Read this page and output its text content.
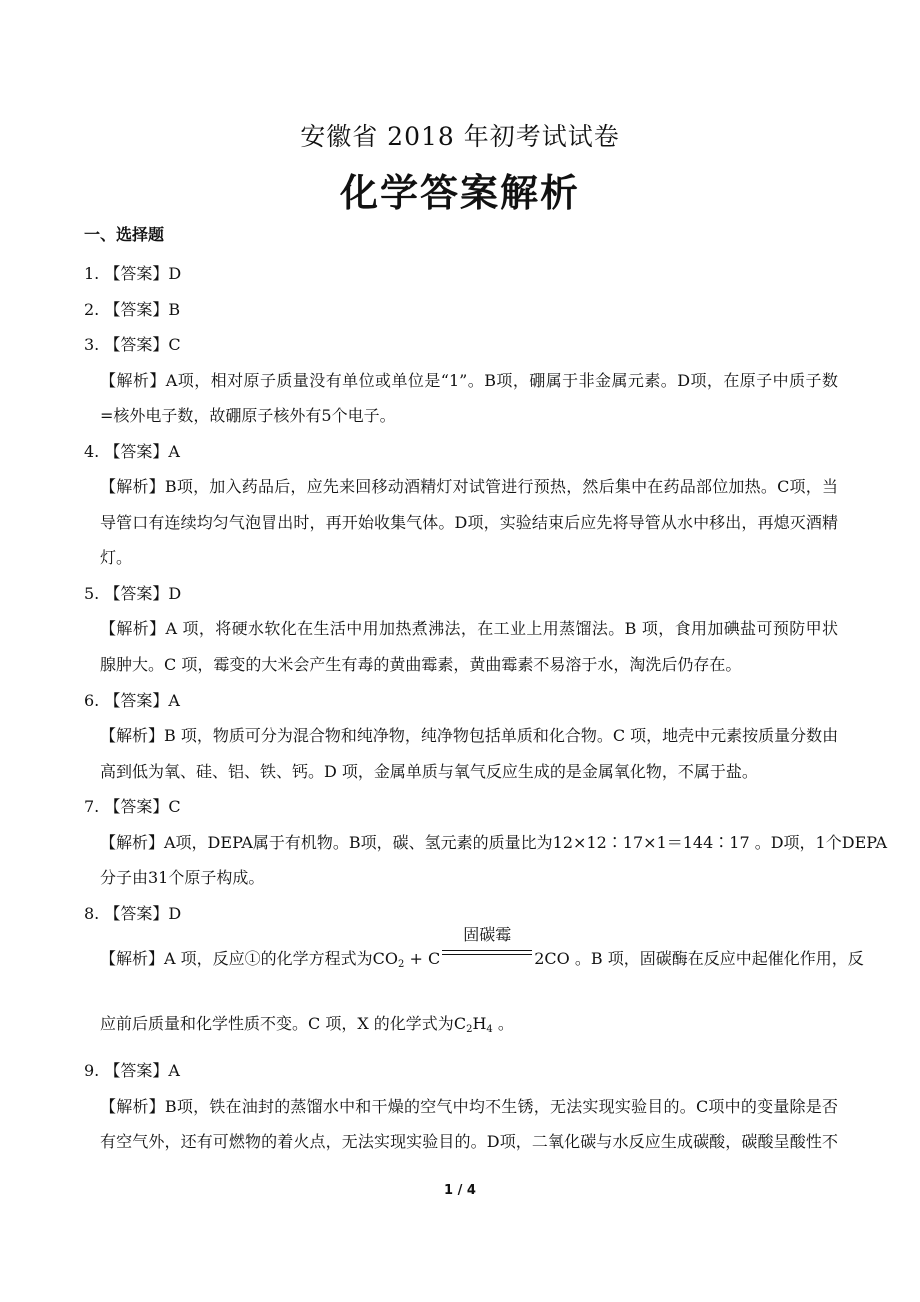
安徽省 2018 年初考试试卷
化学答案解析
一、选择题
1. 【答案】D
2. 【答案】B
3. 【答案】C
【解析】A项，相对原子质量没有单位或单位是“1”。B项，硼属于非金属元素。D项，在原子中质子数
=核外电子数，故硼原子核外有5个电子。
4. 【答案】A
【解析】B项，加入药品后，应先来回移动酒精灯对试管进行预热，然后集中在药品部位加热。C项，当
导管口有连续均匀气泡冒出时，再开始收集气体。D项，实验结束后应先将导管从水中移出，再熄灭酒精
灯。
5. 【答案】D
【解析】A 项，将硬水软化在生活中用加热煮沸法，在工业上用蒸馏法。B 项，食用加碘盐可预防甲状
腺肿大。C 项，霉变的大米会产生有毒的黄曲霉素，黄曲霉素不易溶于水，淘洗后仍存在。
6. 【答案】A
【解析】B 项，物质可分为混合物和纯净物，纯净物包括单质和化合物。C 项，地壳中元素按质量分数由
高到低为氧、硅、铝、铁、钙。D 项，金属单质与氧气反应生成的是金属氧化物，不属于盐。
7. 【答案】C
【解析】A项，DEPA属于有机物。B项，碳、氢元素的质量比为12×12∶17×1＝144∶17 。D项，1个DEPA
分子由31个原子构成。
8. 【答案】D
【解析】A 项，反应①的化学方程式为$CO_2 + C$
固碳霉
2CO 。B 项，固碳酶在反应中起催化作用，反
应前后质量和化学性质不变。C 项，X 的化学式为$C_2H_4$ 。
9. 【答案】A
【解析】B项，铁在油封的蒸馏水中和干燥的空气中均不生锈，无法实现实验目的。C项中的变量除是否
有空气外，还有可燃物的着火点，无法实现实验目的。D项，二氧化碳与水反应生成碳酸，碳酸呈酸性不
1 / 4
